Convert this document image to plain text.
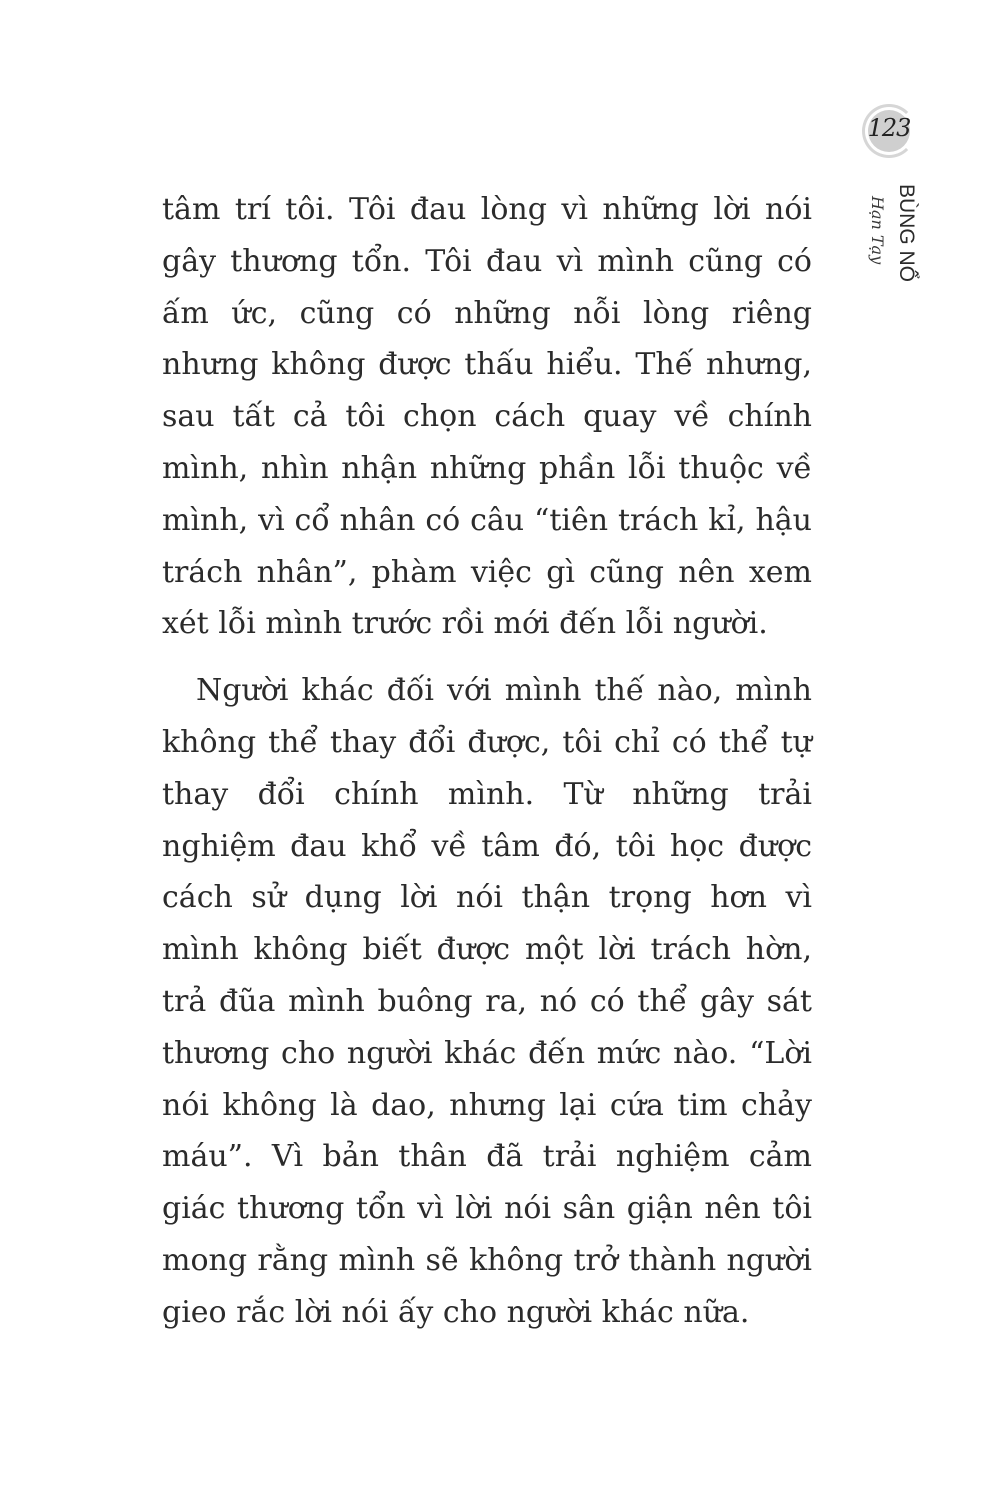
123
Hạn Tạy BÙNG NỔ

tâm trí tôi. Tôi đau lòng vì những lời nói gây thương tổn. Tôi đau vì mình cũng có ấm ức, cũng có những nỗi lòng riêng nhưng không được thấu hiểu. Thế nhưng, sau tất cả tôi chọn cách quay về chính mình, nhìn nhận những phần lỗi thuộc về mình, vì cổ nhân có câu “tiên trách kỉ, hậu trách nhân”, phàm việc gì cũng nên xem xét lỗi mình trước rồi mới đến lỗi người.

Người khác đối với mình thế nào, mình không thể thay đổi được, tôi chỉ có thể tự thay đổi chính mình. Từ những trải nghiệm đau khổ về tâm đó, tôi học được cách sử dụng lời nói thận trọng hơn vì mình không biết được một lời trách hờn, trả đũa mình buông ra, nó có thể gây sát thương cho người khác đến mức nào. “Lời nói không là dao, nhưng lại cứa tim chảy máu”. Vì bản thân đã trải nghiệm cảm giác thương tổn vì lời nói sân giận nên tôi mong rằng mình sẽ không trở thành người gieo rắc lời nói ấy cho người khác nữa.
